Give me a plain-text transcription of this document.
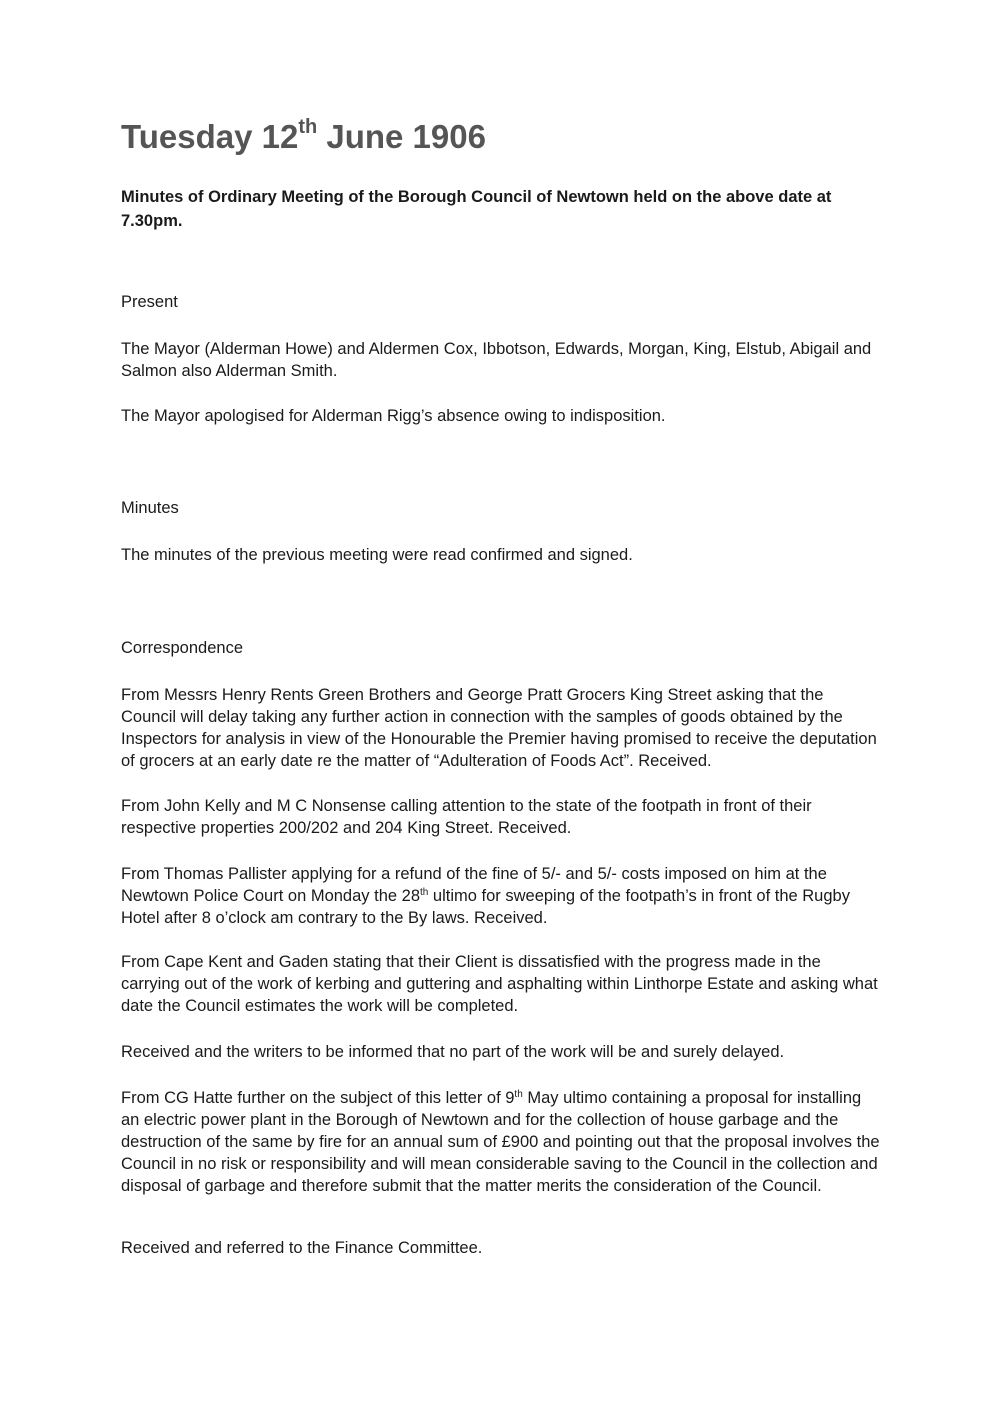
Tuesday 12th June 1906

Minutes of Ordinary Meeting of the Borough Council of Newtown held on the above date at 7.30pm.

Present

The Mayor (Alderman Howe) and Aldermen Cox, Ibbotson, Edwards, Morgan, King, Elstub, Abigail and Salmon also Alderman Smith.

The Mayor apologised for Alderman Rigg’s absence owing to indisposition.

Minutes

The minutes of the previous meeting were read confirmed and signed.

Correspondence

From Messrs Henry Rents Green Brothers and George Pratt Grocers King Street asking that the Council will delay taking any further action in connection with the samples of goods obtained by the Inspectors for analysis in view of the Honourable the Premier having promised to receive the deputation of grocers at an early date re the matter of “Adulteration of Foods Act”. Received.

From John Kelly and M C Nonsense calling attention to the state of the footpath in front of their respective properties 200/202 and 204 King Street. Received.

From Thomas Pallister applying for a refund of the fine of 5/- and 5/- costs imposed on him at the Newtown Police Court on Monday the 28th ultimo for sweeping of the footpath’s in front of the Rugby Hotel after 8 o’clock am contrary to the By laws. Received.

From Cape Kent and Gaden stating that their Client is dissatisfied with the progress made in the carrying out of the work of kerbing and guttering and asphalting within Linthorpe Estate and asking what date the Council estimates the work will be completed.

Received and the writers to be informed that no part of the work will be and surely delayed.

From CG Hatte further on the subject of this letter of 9th May ultimo containing a proposal for installing an electric power plant in the Borough of Newtown and for the collection of house garbage and the destruction of the same by fire for an annual sum of £900 and pointing out that the proposal involves the Council in no risk or responsibility and will mean considerable saving to the Council in the collection and disposal of garbage and therefore submit that the matter merits the consideration of the Council.

Received and referred to the Finance Committee.
